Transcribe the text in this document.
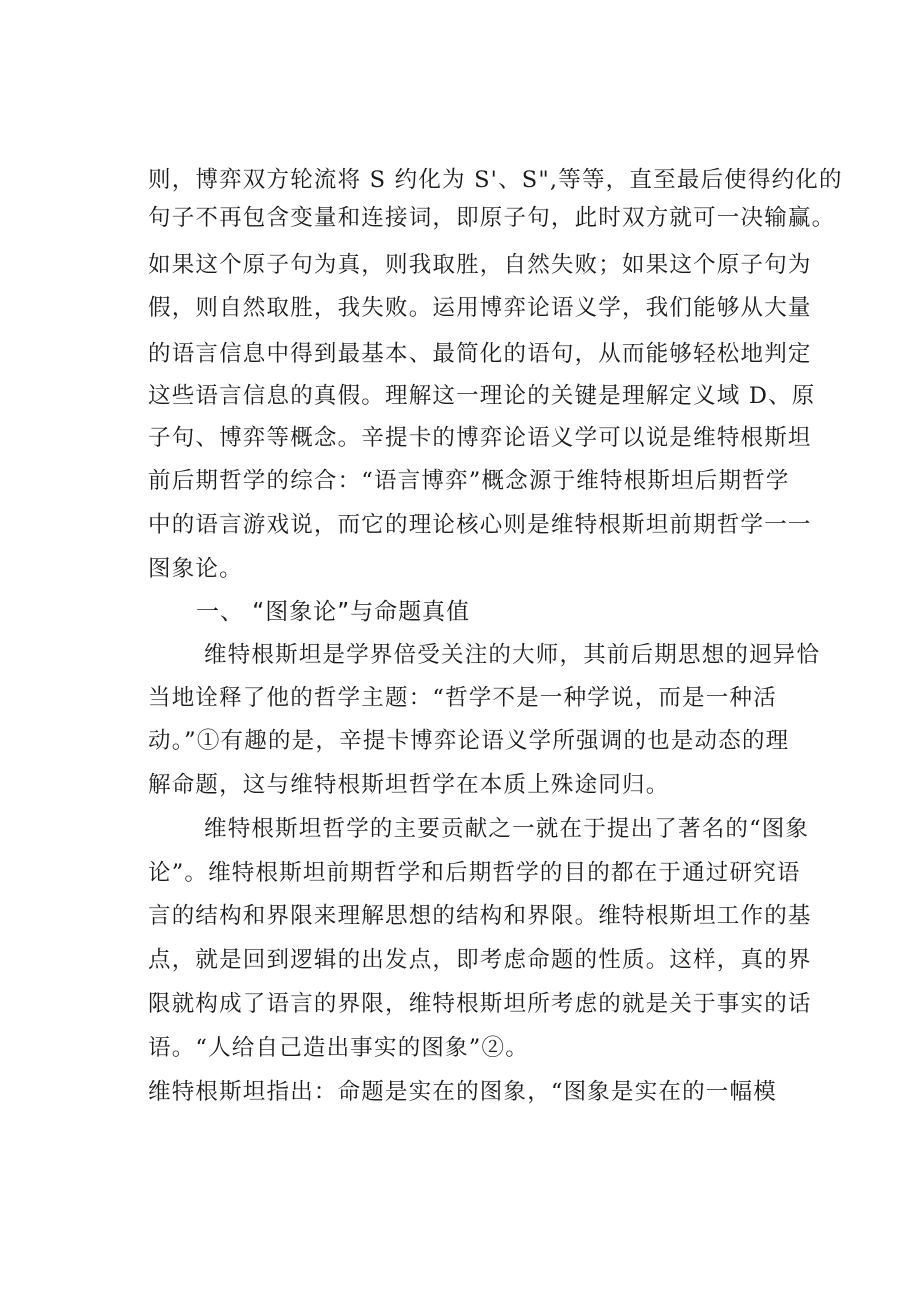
则，博弈双方轮流将 S 约化为 S'、S",等等，直至最后使得约化的
句子不再包含变量和连接词，即原子句，此时双方就可一决输赢。
如果这个原子句为真，则我取胜，自然失败；如果这个原子句为
假，则自然取胜，我失败。运用博弈论语义学，我们能够从大量
的语言信息中得到最基本、最简化的语句，从而能够轻松地判定
这些语言信息的真假。理解这一理论的关键是理解定义域 D、原
子句、博弈等概念。辛提卡的博弈论语义学可以说是维特根斯坦
前后期哲学的综合：“语言博弈”概念源于维特根斯坦后期哲学
中的语言游戏说，而它的理论核心则是维特根斯坦前期哲学一一
图象论。
一、 “图象论”与命题真值
维特根斯坦是学界倍受关注的大师，其前后期思想的迥异恰
当地诠释了他的哲学主题：“哲学不是一种学说，而是一种活
动。”①有趣的是，辛提卡博弈论语义学所强调的也是动态的理
解命题，这与维特根斯坦哲学在本质上殊途同归。
维特根斯坦哲学的主要贡献之一就在于提出了著名的“图象
论”。维特根斯坦前期哲学和后期哲学的目的都在于通过研究语
言的结构和界限来理解思想的结构和界限。维特根斯坦工作的基
点，就是回到逻辑的出发点，即考虑命题的性质。这样，真的界
限就构成了语言的界限，维特根斯坦所考虑的就是关于事实的话
语。“人给自己造出事实的图象”②。
维特根斯坦指出：命题是实在的图象，“图象是实在的一幅模
